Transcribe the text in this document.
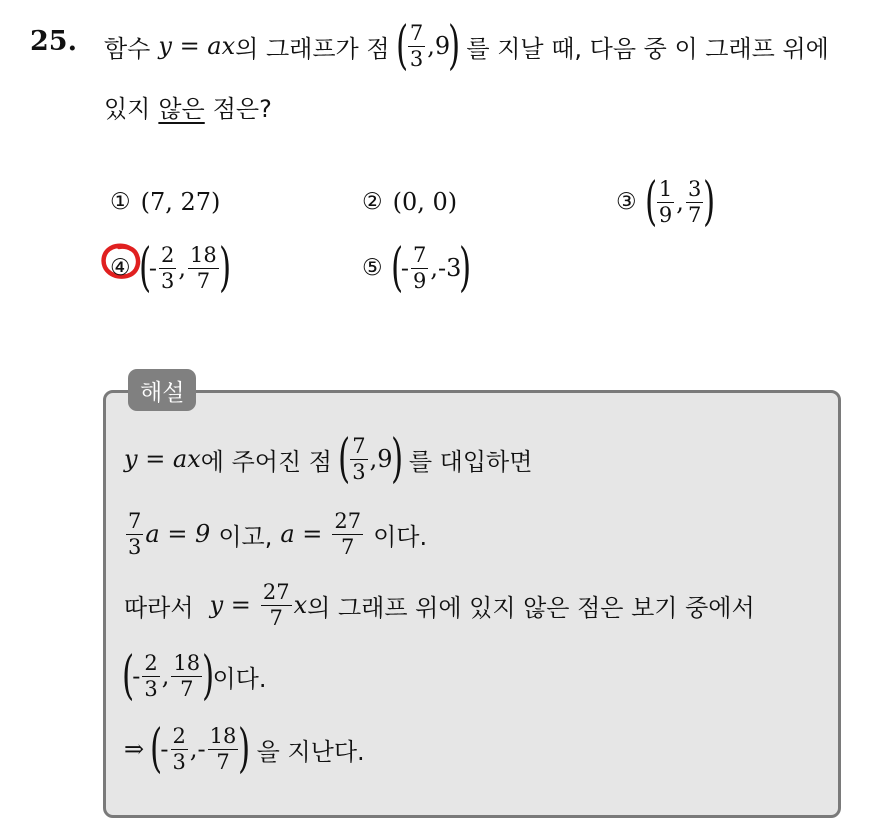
25. 함수 y = ax 의 그래프가 점 ( $\frac{7}{3}$ , 9
) 를 지날 때, 다음 중 이 그래프 위에
있지 않은 점은?
① (7, 27)	② (0, 0)	③ ( $\frac{1}{9}$ , $\frac{3}{7}$ )
④ (
- $\frac{2}{3}$ , $\frac{18}{7}$ )	⑤ (
- $\frac{7}{9}$ , -3
)
해설
y = ax 에 주어진 점 ( $\frac{7}{3}$ , 9
) 를 대입하면
$\frac{7}{3}$ a = 9 이고, $a = \frac{27}{7}$ 이다.
따라서 $y = \frac{27}{7}$ x 의 그래프 위에 있지 않은 점은 보기 중에서
(
- $\frac{2}{3}$ , $\frac{18}{7}$ )
이다.
⇒ (
- $\frac{2}{3}$ , - $\frac{18}{7}$ ) 을 지난다.
